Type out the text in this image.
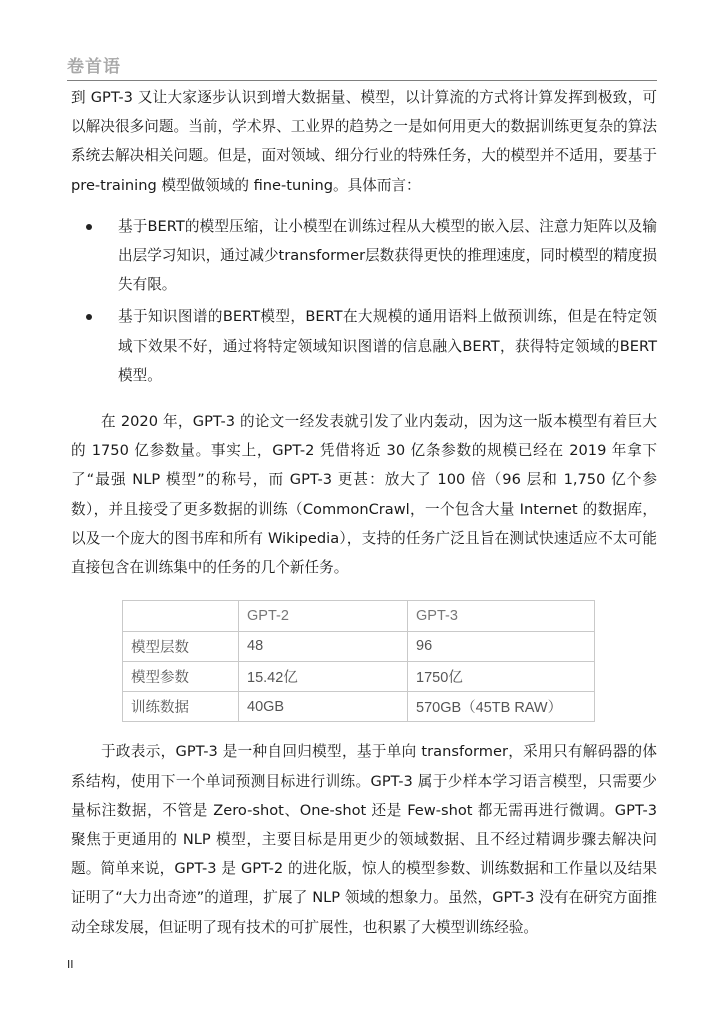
卷首语

到 GPT-3 又让大家逐步认识到增大数据量、模型，以计算流的方式将计算发挥到极致，可以解决很多问题。当前，学术界、工业界的趋势之一是如何用更大的数据训练更复杂的算法系统去解决相关问题。但是，面对领域、细分行业的特殊任务，大的模型并不适用，要基于 pre-training 模型做领域的 fine-tuning。具体而言：

基于BERT的模型压缩，让小模型在训练过程从大模型的嵌入层、注意力矩阵以及输出层学习知识，通过减少transformer层数获得更快的推理速度，同时模型的精度损失有限。
基于知识图谱的BERT模型，BERT在大规模的通用语料上做预训练，但是在特定领域下效果不好，通过将特定领域知识图谱的信息融入BERT，获得特定领域的BERT模型。

在 2020 年，GPT-3 的论文一经发表就引发了业内轰动，因为这一版本模型有着巨大的 1750 亿参数量。事实上，GPT-2 凭借将近 30 亿条参数的规模已经在 2019 年拿下了“最强 NLP 模型”的称号，而 GPT-3 更甚：放大了 100 倍（96 层和 1,750 亿个参数），并且接受了更多数据的训练（CommonCrawl，一个包含大量 Internet 的数据库，以及一个庞大的图书库和所有 Wikipedia），支持的任务广泛且旨在测试快速适应不太可能直接包含在训练集中的任务的几个新任务。

	GPT-2	GPT-3
模型层数	48	96
模型参数	15.42亿	1750亿
训练数据	40GB	570GB（45TB RAW）

于政表示，GPT-3 是一种自回归模型，基于单向 transformer，采用只有解码器的体系结构，使用下一个单词预测目标进行训练。GPT-3 属于少样本学习语言模型，只需要少量标注数据，不管是 Zero-shot、One-shot 还是 Few-shot 都无需再进行微调。GPT-3 聚焦于更通用的 NLP 模型，主要目标是用更少的领域数据、且不经过精调步骤去解决问题。简单来说，GPT-3 是 GPT-2 的进化版，惊人的模型参数、训练数据和工作量以及结果证明了“大力出奇迹”的道理，扩展了 NLP 领域的想象力。虽然，GPT-3 没有在研究方面推动全球发展，但证明了现有技术的可扩展性，也积累了大模型训练经验。

II
